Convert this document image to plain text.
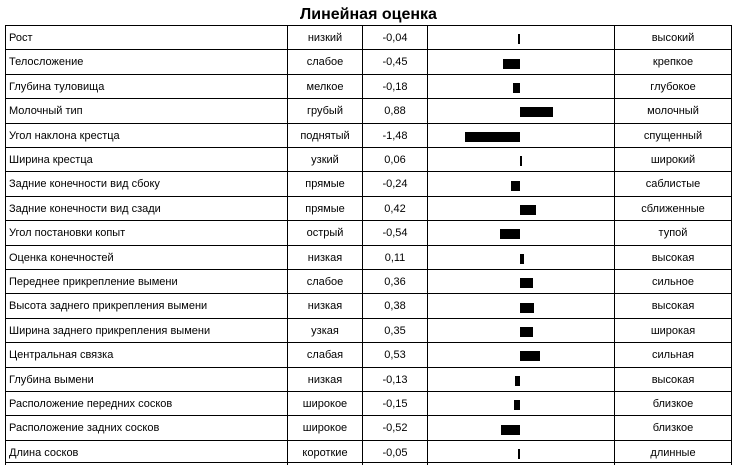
Линейная оценка
Рост	низкий	-0,04	высокий
Телосложение	слабое	-0,45	крепкое
Глубина туловища	мелкое	-0,18	глубокое
Молочный тип	грубый	0,88	молочный
Угол наклона крестца	поднятый	-1,48	спущенный
Ширина крестца	узкий	0,06	широкий
Задние конечности вид сбоку	прямые	-0,24	саблистые
Задние конечности вид сзади	прямые	0,42	сближенные
Угол постановки копыт	острый	-0,54	тупой
Оценка конечностей	низкая	0,11	высокая
Переднее прикрепление вымени	слабое	0,36	сильное
Высота заднего прикрепления вымени	низкая	0,38	высокая
Ширина заднего прикрепления вымени	узкая	0,35	широкая
Центральная связка	слабая	0,53	сильная
Глубина вымени	низкая	-0,13	высокая
Расположение передних сосков	широкое	-0,15	близкое
Расположение задних сосков	широкое	-0,52	близкое
Длина сосков	короткие	-0,05	длинные
